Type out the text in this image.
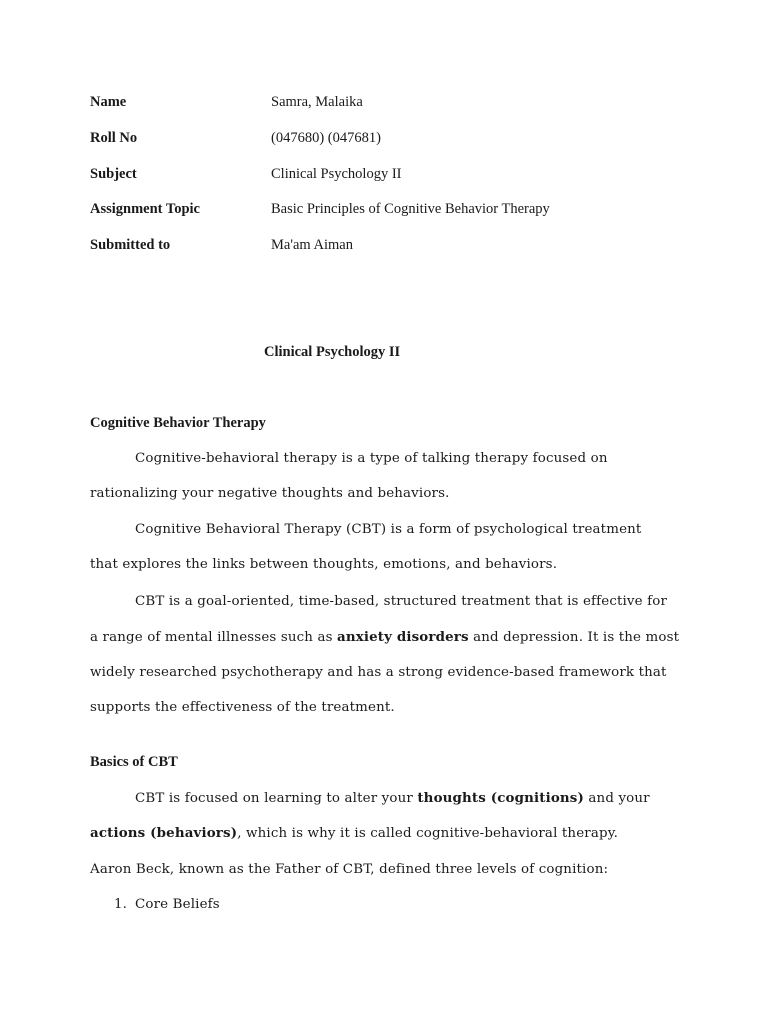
Name	Samra, Malaika
Roll No	(047680) (047681)
Subject	Clinical Psychology II
Assignment Topic	Basic Principles of Cognitive Behavior Therapy
Submitted to	Ma'am Aiman
Clinical Psychology II
Cognitive Behavior Therapy
Cognitive-behavioral therapy is a type of talking therapy focused on
rationalizing your negative thoughts and behaviors.
Cognitive Behavioral Therapy (CBT) is a form of psychological treatment
that explores the links between thoughts, emotions, and behaviors.
CBT is a goal-oriented, time-based, structured treatment that is effective for
a range of mental illnesses such as anxiety disorders and depression. It is the most
widely researched psychotherapy and has a strong evidence-based framework that
supports the effectiveness of the treatment.
Basics of CBT
CBT is focused on learning to alter your thoughts (cognitions) and your
actions (behaviors), which is why it is called cognitive-behavioral therapy.
Aaron Beck, known as the Father of CBT, defined three levels of cognition:
1. Core Beliefs
